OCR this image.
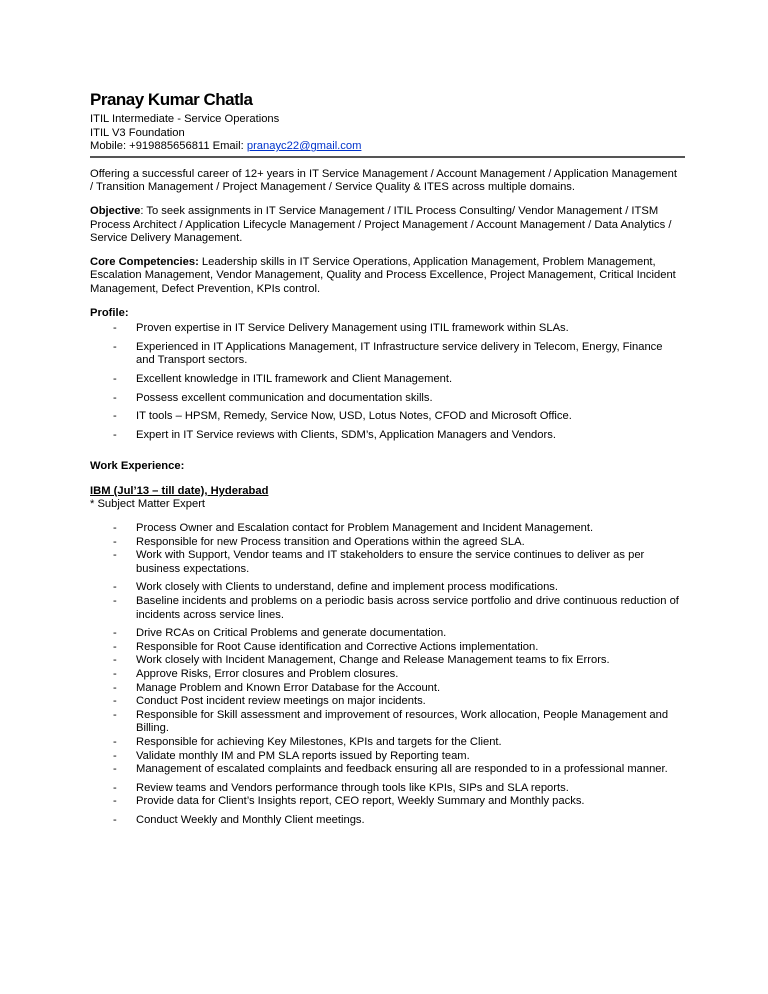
Pranay Kumar Chatla
ITIL Intermediate - Service Operations
ITIL V3 Foundation
Mobile: +919885656811 Email: pranayc22@gmail.com
Offering a successful career of 12+ years in IT Service Management / Account Management / Application Management / Transition Management / Project Management / Service Quality & ITES across multiple domains.
Objective: To seek assignments in IT Service Management / ITIL Process Consulting/ Vendor Management / ITSM Process Architect / Application Lifecycle Management / Project Management / Account Management / Data Analytics / Service Delivery Management.
Core Competencies: Leadership skills in IT Service Operations, Application Management, Problem Management, Escalation Management, Vendor Management, Quality and Process Excellence, Project Management, Critical Incident Management, Defect Prevention, KPIs control.
Profile:
- Proven expertise in IT Service Delivery Management using ITIL framework within SLAs.
- Experienced in IT Applications Management, IT Infrastructure service delivery in Telecom, Energy, Finance and Transport sectors.
- Excellent knowledge in ITIL framework and Client Management.
- Possess excellent communication and documentation skills.
- IT tools – HPSM, Remedy, Service Now, USD, Lotus Notes, CFOD and Microsoft Office.
- Expert in IT Service reviews with Clients, SDM’s, Application Managers and Vendors.
Work Experience:
IBM (Jul’13 – till date), Hyderabad
* Subject Matter Expert
- Process Owner and Escalation contact for Problem Management and Incident Management.
- Responsible for new Process transition and Operations within the agreed SLA.
- Work with Support, Vendor teams and IT stakeholders to ensure the service continues to deliver as per business expectations.
- Work closely with Clients to understand, define and implement process modifications.
- Baseline incidents and problems on a periodic basis across service portfolio and drive continuous reduction of incidents across service lines.
- Drive RCAs on Critical Problems and generate documentation.
- Responsible for Root Cause identification and Corrective Actions implementation.
- Work closely with Incident Management, Change and Release Management teams to fix Errors.
- Approve Risks, Error closures and Problem closures.
- Manage Problem and Known Error Database for the Account.
- Conduct Post incident review meetings on major incidents.
- Responsible for Skill assessment and improvement of resources, Work allocation, People Management and Billing.
- Responsible for achieving Key Milestones, KPIs and targets for the Client.
- Validate monthly IM and PM SLA reports issued by Reporting team.
- Management of escalated complaints and feedback ensuring all are responded to in a professional manner.
- Review teams and Vendors performance through tools like KPIs, SIPs and SLA reports.
- Provide data for Client’s Insights report, CEO report, Weekly Summary and Monthly packs.
- Conduct Weekly and Monthly Client meetings.
